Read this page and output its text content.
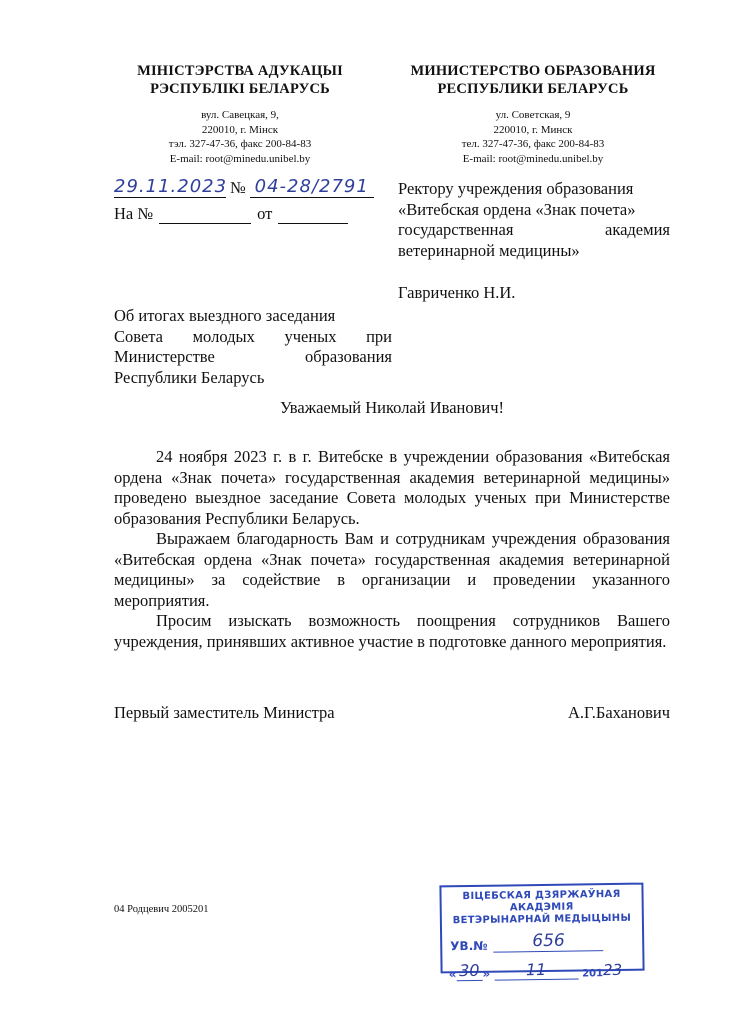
МІНІСТЭРСТВА АДУКАЦЫІ
РЭСПУБЛІКІ БЕЛАРУСЬ
вул. Савецкая, 9,
220010, г. Мінск
тэл. 327-47-36, факс 200-84-83
E-mail: root@minedu.unibel.by
МИНИСТЕРСТВО ОБРАЗОВАНИЯ
РЕСПУБЛИКИ БЕЛАРУСЬ
ул. Советская, 9
220010, г. Минск
тел. 327-47-36, факс 200-84-83
E-mail: root@minedu.unibel.by
29.11.2023 № 04-28/2791
На №	от
Ректору учреждения образования
«Витебская ордена «Знак почета»
государственная	академия
ветеринарной медицины»
Гавриченко Н.И.
Об итогах выездного заседания
Совета молодых ученых при
Министерстве	образования
Республики Беларусь
Уважаемый Николай Иванович!

24 ноября 2023 г. в г. Витебске в учреждении образования «Витебская ордена «Знак почета» государственная академия ветеринарной медицины» проведено выездное заседание Совета молодых ученых при Министерстве образования Республики Беларусь.

Выражаем благодарность Вам и сотрудникам учреждения образования «Витебская ордена «Знак почета» государственная академия ветеринарной медицины» за содействие в организации и проведении указанного мероприятия.

Просим изыскать возможность поощрения сотрудников Вашего учреждения, принявших активное участие в подготовке данного мероприятия.

Первый заместитель Министра	А.Г.Баханович
04 Родцевич 2005201
ВІЦЕБСКАЯ ДЗЯРЖАЎНАЯ АКАДЭМІЯ
ВЕТЭРЫНАРНАЙ МЕДЫЦЫНЫ
УВ.№	656
« 30 »	11	201 23
